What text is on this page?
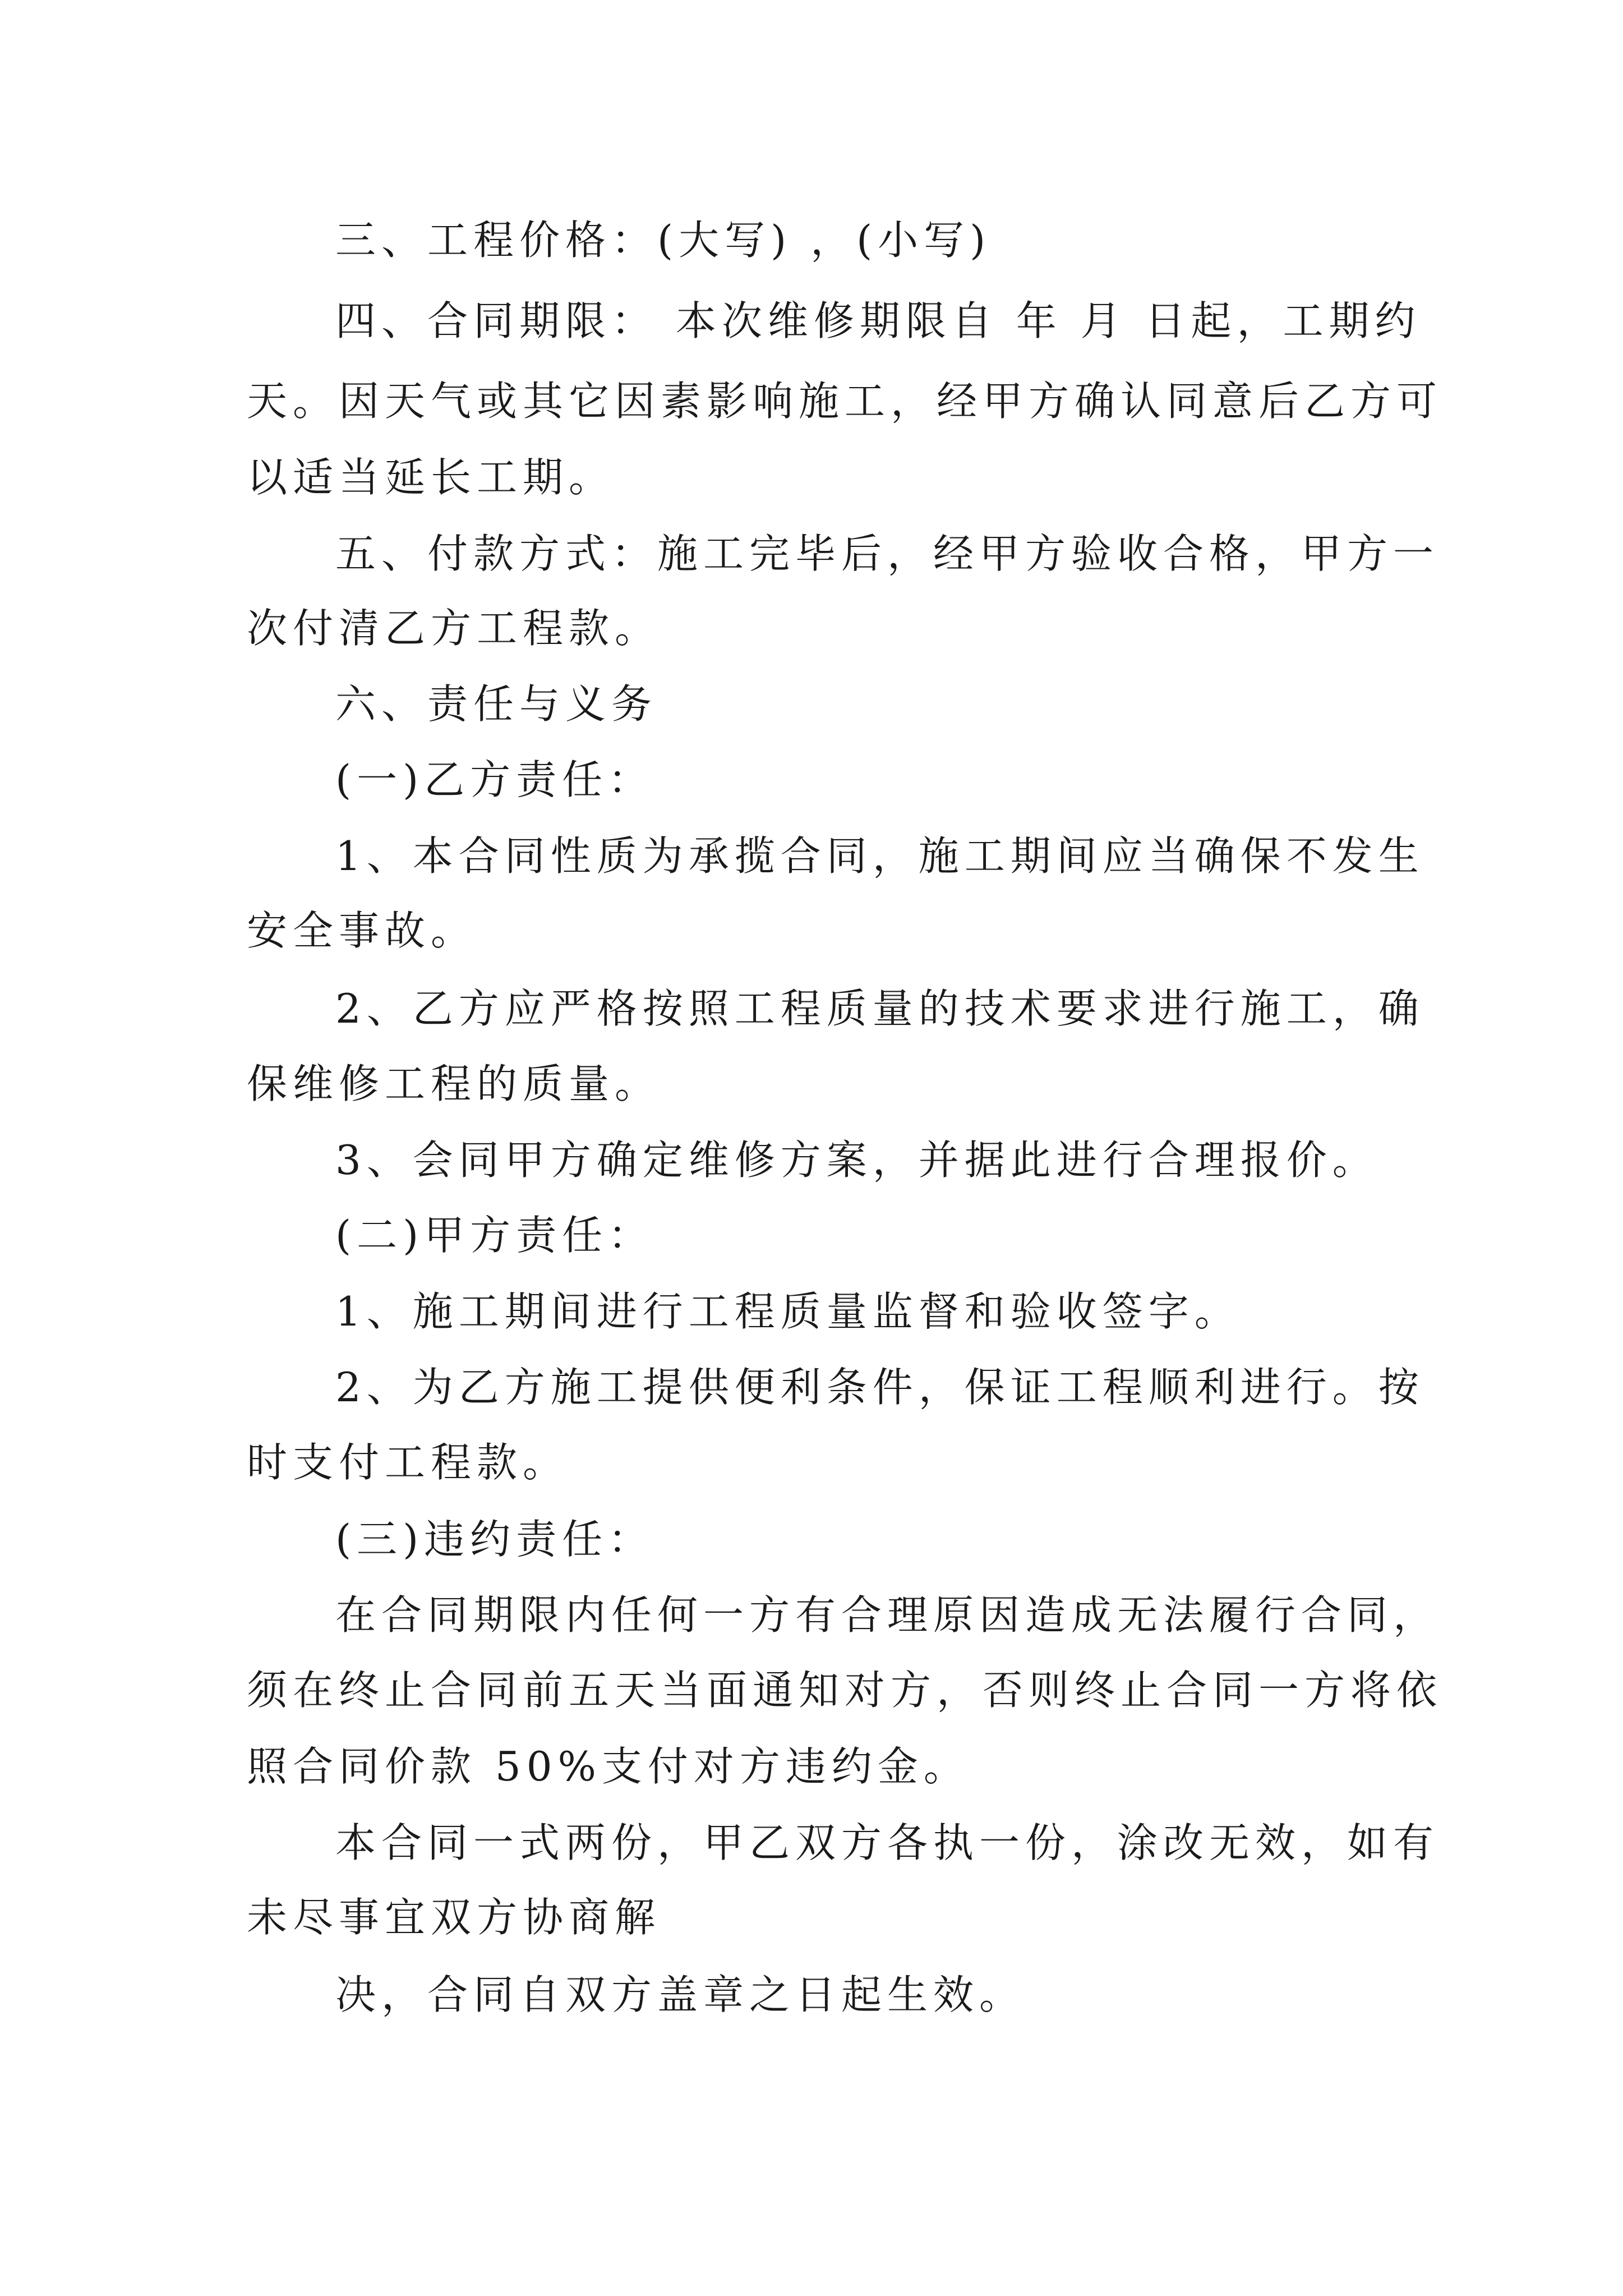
三、工程价格：(大写) ，(小写)
四、合同期限： 本次维修期限自 年 月 日起，工期约
天。因天气或其它因素影响施工，经甲方确认同意后乙方可
以适当延长工期。
五、付款方式：施工完毕后，经甲方验收合格，甲方一
次付清乙方工程款。
六、责任与义务
(一)乙方责任：
1、本合同性质为承揽合同，施工期间应当确保不发生
安全事故。
2、乙方应严格按照工程质量的技术要求进行施工，确
保维修工程的质量。
3、会同甲方确定维修方案，并据此进行合理报价。
(二)甲方责任：
1、施工期间进行工程质量监督和验收签字。
2、为乙方施工提供便利条件，保证工程顺利进行。按
时支付工程款。
(三)违约责任：
在合同期限内任何一方有合理原因造成无法履行合同，
须在终止合同前五天当面通知对方，否则终止合同一方将依
照合同价款 50%支付对方违约金。
本合同一式两份，甲乙双方各执一份，涂改无效，如有
未尽事宜双方协商解
决，合同自双方盖章之日起生效。
